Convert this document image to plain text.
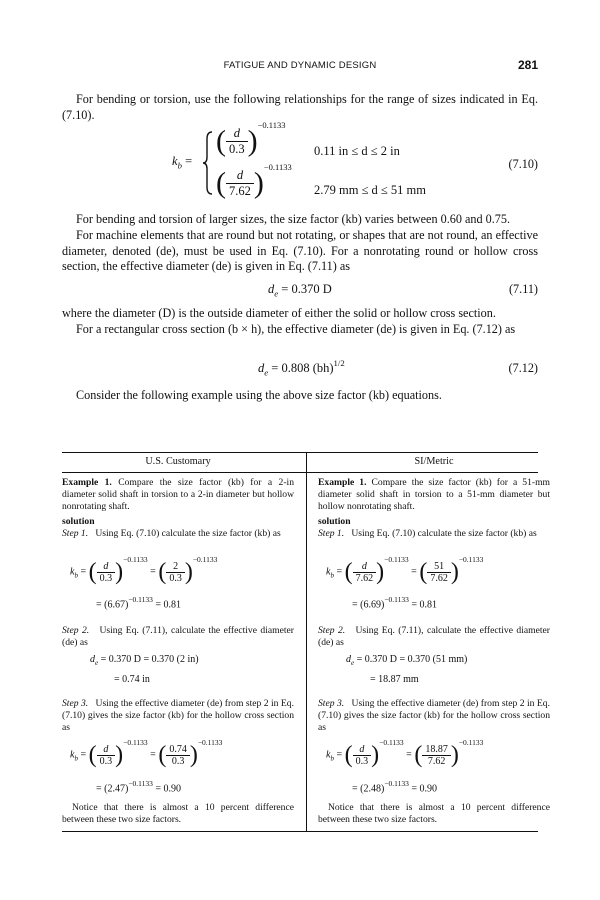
FATIGUE AND DYNAMIC DESIGN	281

For bending or torsion, use the following relationships for the range of sizes indicated in Eq. (7.10).

$k_b$ =
( $\frac{d}{0.3} )^{-0.1133}$
0.11 in ≤ d ≤ 2 in
( $\frac{d}{7.62} )^{-0.1133}$
2.79 mm ≤ d ≤ 51 mm
(7.10)

For bending and torsion of larger sizes, the size factor (kb) varies between 0.60 and 0.75.

For machine elements that are round but not rotating, or shapes that are not round, an effective diameter, denoted (de), must be used in Eq. (7.10). For a nonrotating round or hollow cross section, the effective diameter (de) is given in Eq. (7.11) as

$d_e = 0.370$ D	(7.11)

where the diameter (D) is the outside diameter of either the solid or hollow cross section.

For a rectangular cross section (b × h), the effective diameter (de) is given in Eq. (7.12) as

$d_e = 0.808$ (bh)$^{1/2}$	(7.12)

Consider the following example using the above size factor (kb) equations.

U.S. Customary

Example 1. Compare the size factor (kb) for a 2-in diameter solid shaft in torsion to a 2-in diameter but hollow nonrotating shaft.

solution

Step 1. Using Eq. (7.10) calculate the size factor (kb) as

$k_b$ = ( $\frac{d}{0.3} )^{-0.1133}$ = ( $\frac{2}{0.3} )^{-0.1133}$
= $(6.67)^{-0.1133} = 0.81$

Step 2. Using Eq. (7.11), calculate the effective diameter (de) as

$d_e = 0.370$ D = 0.370 (2 in)
= 0.74 in

Step 3. Using the effective diameter (de) from step 2 in Eq. (7.10) gives the size factor (kb) for the hollow cross section as

$k_b$ = ( $\frac{d}{0.3} )^{-0.1133}$ = ( $\frac{0.74}{0.3} )^{-0.1133}$
= $(2.47)^{-0.1133} = 0.90$

Notice that there is almost a 10 percent difference between these two size factors.

SI/Metric

Example 1. Compare the size factor (kb) for a 51-mm diameter solid shaft in torsion to a 51-mm diameter but hollow nonrotating shaft.

solution

Step 1. Using Eq. (7.10) calculate the size factor (kb) as

$k_b$ = ( $\frac{d}{7.62} )^{-0.1133}$ = ( $\frac{51}{7.62} )^{-0.1133}$
= $(6.69)^{-0.1133} = 0.81$

Step 2. Using Eq. (7.11), calculate the effective diameter (de) as

$d_e = 0.370$ D = 0.370 (51 mm)
= 18.87 mm

Step 3. Using the effective diameter (de) from step 2 in Eq. (7.10) gives the size factor (kb) for the hollow cross section as

$k_b$ = ( $\frac{d}{0.3} )^{-0.1133}$ = ( $\frac{18.87}{7.62} )^{-0.1133}$
= $(2.48)^{-0.1133} = 0.90$

Notice that there is almost a 10 percent difference between these two size factors.
